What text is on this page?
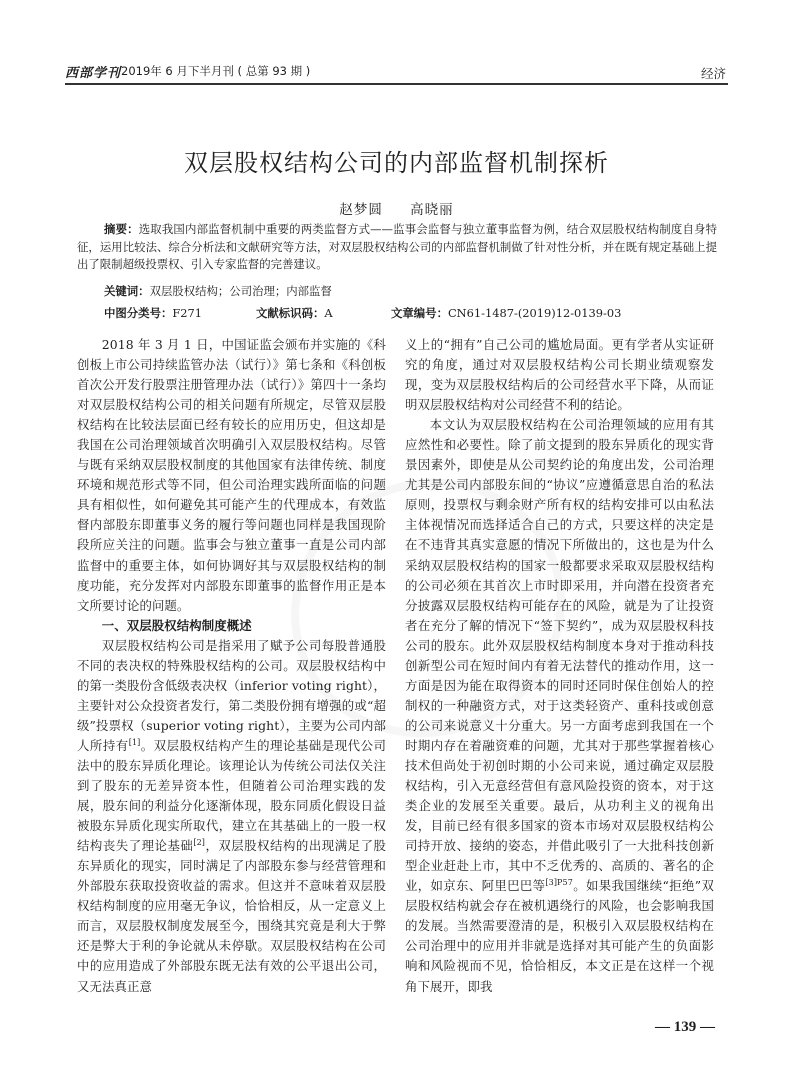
西部学刊 2019年 6 月下半月刊 ( 总第 93 期 )	经济
双层股权结构公司的内部监督机制探析
赵梦圆 高晓丽

摘要：选取我国内部监督机制中重要的两类监督方式——监事会监督与独立董事监督为例，结合双层股权结构制度自身特征，运用比较法、综合分析法和文献研究等方法，对双层股权结构公司的内部监督机制做了针对性分析，并在既有规定基础上提出了限制超级投票权、引入专家监督的完善建议。

关键词：双层股权结构；公司治理；内部监督
中图分类号：F271	文献标识码：A	文章编号：CN61-1487-(2019)12-0139-03

2018 年 3 月 1 日，中国证监会颁布并实施的《科创板上市公司持续监管办法（试行）》第七条和《科创板首次公开发行股票注册管理办法（试行）》第四十一条均对双层股权结构公司的相关问题有所规定，尽管双层股权结构在比较法层面已经有较长的应用历史，但这却是我国在公司治理领域首次明确引入双层股权结构。尽管与既有采纳双层股权制度的其他国家有法律传统、制度环境和规范形式等不同，但公司治理实践所面临的问题具有相似性，如何避免其可能产生的代理成本，有效监督内部股东即董事义务的履行等问题也同样是我国现阶段所应关注的问题。监事会与独立董事一直是公司内部监督中的重要主体，如何协调好其与双层股权结构的制度功能，充分发挥对内部股东即董事的监督作用正是本文所要讨论的问题。

一、双层股权结构制度概述

双层股权结构公司是指采用了赋予公司每股普通股不同的表决权的特殊股权结构的公司。双层股权结构中的第一类股份含低级表决权（inferior voting right），主要针对公众投资者发行，第二类股份拥有增强的或“超级”投票权（superior voting right），主要为公司内部人所持有[1]。双层股权结构产生的理论基础是现代公司法中的股东异质化理论。该理论认为传统公司法仅关注到了股东的无差异资本性，但随着公司治理实践的发展，股东间的利益分化逐渐体现，股东同质化假设日益被股东异质化现实所取代，建立在其基础上的一股一权结构丧失了理论基础[2]，双层股权结构的出现满足了股东异质化的现实，同时满足了内部股东参与经营管理和外部股东获取投资收益的需求。但这并不意味着双层股权结构制度的应用毫无争议，恰恰相反，从一定意义上而言，双层股权制度发展至今，围绕其究竟是利大于弊还是弊大于利的争论就从未停歇。双层股权结构在公司中的应用造成了外部股东既无法有效的公平退出公司，又无法真正意

义上的“拥有”自己公司的尴尬局面。更有学者从实证研究的角度，通过对双层股权结构公司长期业绩观察发现，变为双层股权结构后的公司经营水平下降，从而证明双层股权结构对公司经营不利的结论。

本文认为双层股权结构在公司治理领域的应用有其应然性和必要性。除了前文提到的股东异质化的现实背景因素外，即使是从公司契约论的角度出发，公司治理尤其是公司内部股东间的“协议”应遵循意思自治的私法原则，投票权与剩余财产所有权的结构安排可以由私法主体视情况而选择适合自己的方式，只要这样的决定是在不违背其真实意愿的情况下所做出的，这也是为什么采纳双层股权结构的国家一般都要求采取双层股权结构的公司必须在其首次上市时即采用，并向潜在投资者充分披露双层股权结构可能存在的风险，就是为了让投资者在充分了解的情况下“签下契约”，成为双层股权科技公司的股东。此外双层股权结构制度本身对于推动科技创新型公司在短时间内有着无法替代的推动作用，这一方面是因为能在取得资本的同时还同时保住创始人的控制权的一种融资方式，对于这类轻资产、重科技或创意的公司来说意义十分重大。另一方面考虑到我国在一个时期内存在着融资难的问题，尤其对于那些掌握着核心技术但尚处于初创时期的小公司来说，通过确定双层股权结构，引入无意经营但有意风险投资的资本，对于这类企业的发展至关重要。最后，从功利主义的视角出发，目前已经有很多国家的资本市场对双层股权结构公司持开放、接纳的姿态，并借此吸引了一大批科技创新型企业赶赴上市，其中不乏优秀的、高质的、著名的企业，如京东、阿里巴巴等$^{[3]P57}$。如果我国继续“拒绝”双层股权结构就会存在被机遇绕行的风险，也会影响我国的发展。当然需要澄清的是，积极引入双层股权结构在公司治理中的应用并非就是选择对其可能产生的负面影响和风险视而不见，恰恰相反，本文正是在这样一个视角下展开，即我

— 139 —
